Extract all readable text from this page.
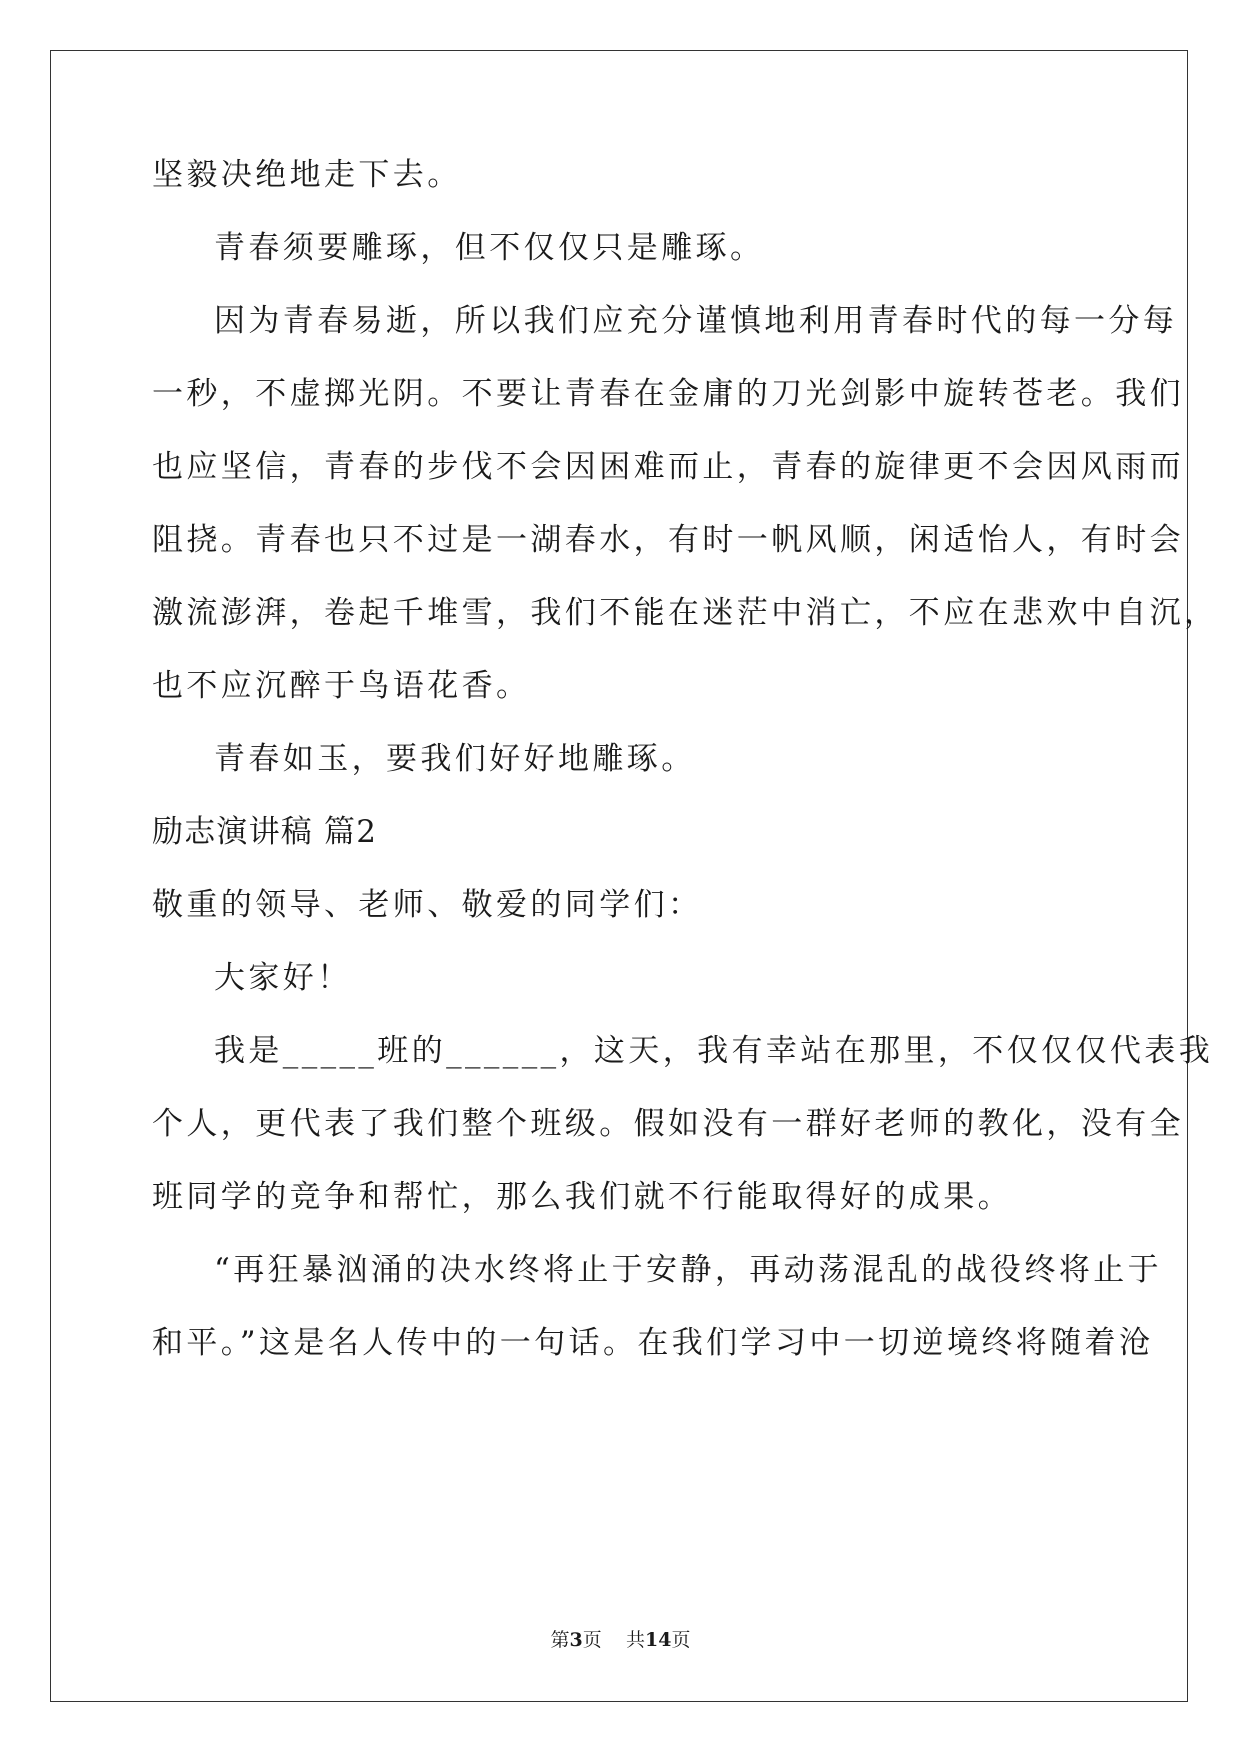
坚毅决绝地走下去。
青春须要雕琢，但不仅仅只是雕琢。
因为青春易逝，所以我们应充分谨慎地利用青春时代的每一分每
一秒，不虚掷光阴。不要让青春在金庸的刀光剑影中旋转苍老。我们
也应坚信，青春的步伐不会因困难而止，青春的旋律更不会因风雨而
阻挠。青春也只不过是一湖春水，有时一帆风顺，闲适怡人，有时会
激流澎湃，卷起千堆雪，我们不能在迷茫中消亡，不应在悲欢中自沉，
也不应沉醉于鸟语花香。
青春如玉，要我们好好地雕琢。
励志演讲稿 篇2
敬重的领导、老师、敬爱的同学们：
大家好！
我是_____班的______，这天，我有幸站在那里，不仅仅仅代表我
个人，更代表了我们整个班级。假如没有一群好老师的教化，没有全
班同学的竞争和帮忙，那么我们就不行能取得好的成果。
“再狂暴汹涌的决水终将止于安静，再动荡混乱的战役终将止于
和平。”这是名人传中的一句话。在我们学习中一切逆境终将随着沧
第3页 共14页
